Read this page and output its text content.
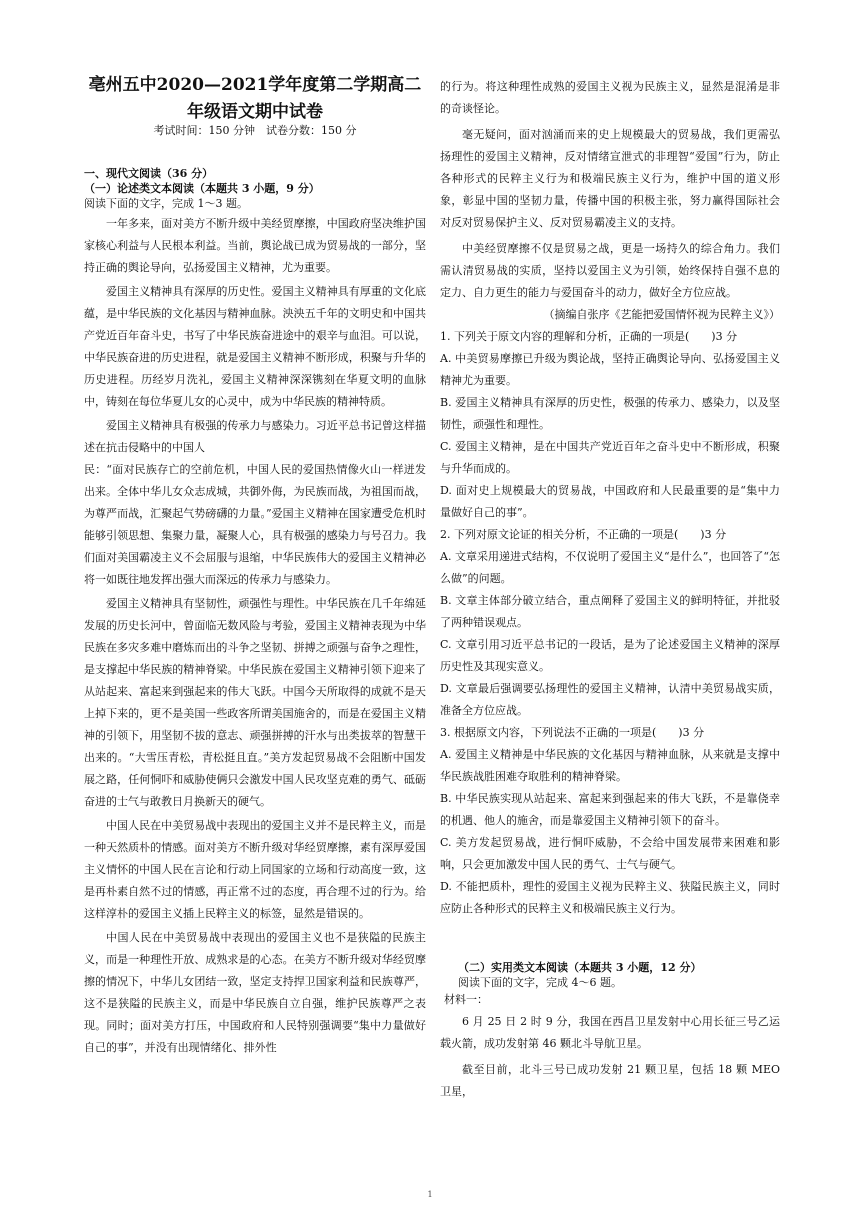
亳州五中2020—2021学年度第二学期高二年级语文期中试卷
考试时间：150 分钟　试卷分数：150 分

一、现代文阅读（36 分）

（一）论述类文本阅读（本题共 3 小题，9 分）

阅读下面的文字，完成 1～3 题。

一年多来，面对美方不断升级中美经贸摩擦，中国政府坚决维护国家核心利益与人民根本利益。当前，舆论战已成为贸易战的一部分，坚持正确的舆论导向，弘扬爱国主义精神，尤为重要。

爱国主义精神具有深厚的历史性。爱国主义精神具有厚重的文化底蕴，是中华民族的文化基因与精神血脉。泱泱五千年的文明史和中国共产党近百年奋斗史，书写了中华民族奋进途中的艰辛与血泪。可以说，中华民族奋进的历史进程，就是爱国主义精神不断形成，积聚与升华的历史进程。历经岁月洗礼，爱国主义精神深深镌刻在华夏文明的血脉中，铸刻在每位华夏儿女的心灵中，成为中华民族的精神特质。

爱国主义精神具有极强的传承力与感染力。习近平总书记曾这样描述在抗击侵略中的中国人

民：“面对民族存亡的空前危机，中国人民的爱国热情像火山一样迸发出来。全体中华儿女众志成城，共御外侮，为民族而战，为祖国而战，为尊严而战，汇聚起气势磅礴的力量。”爱国主义精神在国家遭受危机时能够引领思想、集聚力量，凝聚人心，具有极强的感染力与号召力。我们面对美国霸凌主义不会屈服与退缩，中华民族伟大的爱国主义精神必将一如既往地发挥出强大而深远的传承力与感染力。

爱国主义精神具有坚韧性，顽强性与理性。中华民族在几千年绵延发展的历史长河中，曾面临无数风险与考验，爱国主义精神表现为中华民族在多灾多难中磨炼而出的斗争之坚韧、拼搏之顽强与奋争之理性，是支撑起中华民族的精神脊梁。中华民族在爱国主义精神引领下迎来了从站起来、富起来到强起来的伟大飞跃。中国今天所取得的成就不是天上掉下来的，更不是美国一些政客所谓美国施舍的，而是在爱国主义精神的引领下，用坚韧不拔的意志、顽强拼搏的汗水与出类拔萃的智慧干出来的。“大雪压青松，青松挺且直。”美方发起贸易战不会阻断中国发展之路，任何恫吓和威胁使俩只会激发中国人民攻坚克难的勇气、砥砺奋进的士气与敢教日月换新天的硬气。

中国人民在中美贸易战中表现出的爱国主义并不是民粹主义，而是一种天然质朴的情感。面对美方不断升级对华经贸摩擦，素有深厚爱国主义情怀的中国人民在言论和行动上同国家的立场和行动高度一致，这是再朴素自然不过的情感，再正常不过的态度，再合理不过的行为。给这样淳朴的爱国主义插上民粹主义的标签，显然是错误的。

中国人民在中美贸易战中表现出的爱国主义也不是狭隘的民族主义，而是一种理性开放、成熟求是的心态。在美方不断升级对华经贸摩擦的情况下，中华儿女团结一致，坚定支持捍卫国家利益和民族尊严，这不是狭隘的民族主义，而是中华民族自立自强，维护民族尊严之表现。同时；面对美方打压，中国政府和人民特别强调要“集中力量做好自己的事”，并没有出现情绪化、排外性

的行为。将这种理性成熟的爱国主义视为民族主义，显然是混淆是非的奇谈怪论。

毫无疑问，面对汹涌而来的史上规模最大的贸易战，我们更需弘扬理性的爱国主义精神，反对情绪宣泄式的非理智“爱国”行为，防止各种形式的民粹主义行为和极端民族主义行为，维护中国的道义形象，彰显中国的坚韧力量，传播中国的积极主张，努力赢得国际社会对反对贸易保护主义、反对贸易霸凌主义的支持。

中美经贸摩擦不仅是贸易之战，更是一场持久的综合角力。我们需认清贸易战的实质，坚持以爱国主义为引领，始终保持自强不息的定力、自力更生的能力与爱国奋斗的动力，做好全方位应战。

（摘编自张序《艺能把爱国情怀视为民粹主义》）

1. 下列关于原文内容的理解和分析，正确的一项是(　　)3 分

A. 中美贸易摩擦已升级为舆论战，坚持正确舆论导向、弘扬爱国主义精神尤为重要。

B. 爱国主义精神具有深厚的历史性，极强的传承力、感染力，以及坚韧性，顽强性和理性。

C. 爱国主义精神，是在中国共产党近百年之奋斗史中不断形成，积聚与升华而成的。

D. 面对史上规模最大的贸易战，中国政府和人民最重要的是“集中力量做好自己的事”。

2. 下列对原文论证的相关分析，不正确的一项是(　　)3 分

A. 文章采用递进式结构，不仅说明了爱国主义“是什么”，也回答了“怎么做”的问题。

B. 文章主体部分破立结合，重点阐释了爱国主义的鲜明特征，并批驳了两种错误观点。

C. 文章引用习近平总书记的一段话，是为了论述爱国主义精神的深厚历史性及其现实意义。

D. 文章最后强调要弘扬理性的爱国主义精神，认清中美贸易战实质，准备全方位应战。

3. 根据原文内容，下列说法不正确的一项是(　　)3 分

A. 爱国主义精神是中华民族的文化基因与精神血脉，从来就是支撑中华民族战胜困难夺取胜利的精神脊梁。

B. 中华民族实现从站起来、富起来到强起来的伟大飞跃，不是靠侥幸的机遇、他人的施舍，而是靠爱国主义精神引领下的奋斗。

C. 美方发起贸易战，进行恫吓威胁，不会给中国发展带来困难和影响，只会更加激发中国人民的勇气、士气与硬气。

D. 不能把质朴，理性的爱国主义视为民粹主义、狭隘民族主义，同时应防止各种形式的民粹主义和极端民族主义行为。

（二）实用类文本阅读（本题共 3 小题，12 分）

阅读下面的文字，完成 4～6 题。

材料一：

6 月 25 日 2 时 9 分，我国在西昌卫星发射中心用长征三号乙运载火箭，成功发射第 46 颗北斗导航卫星。

截至目前，北斗三号已成功发射 21 颗卫星，包括 18 颗 MEO 卫星，

1
